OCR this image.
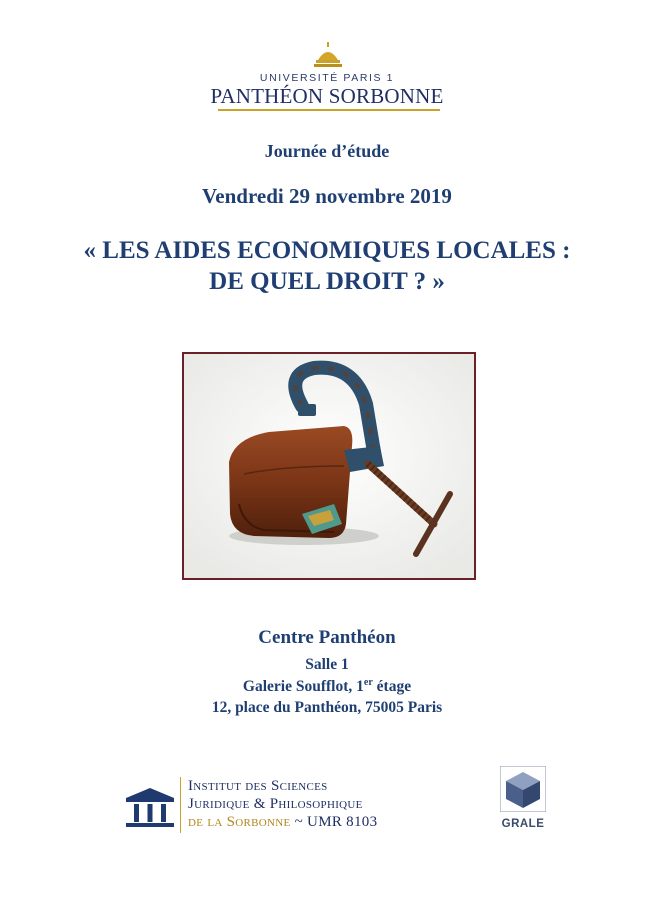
UNIVERSITÉ PARIS 1
PANTHÉON SORBONNE
Journée d’étude
Vendredi 29 novembre 2019
« LES AIDES ECONOMIQUES LOCALES :
DE QUEL DROIT ? »
Centre Panthéon
Salle 1
Galerie Soufflot, 1er étage
12, place du Panthéon, 75005 Paris
Institut des Sciences
Juridique & Philosophique
de la Sorbonne ~ UMR 8103	GRALE
